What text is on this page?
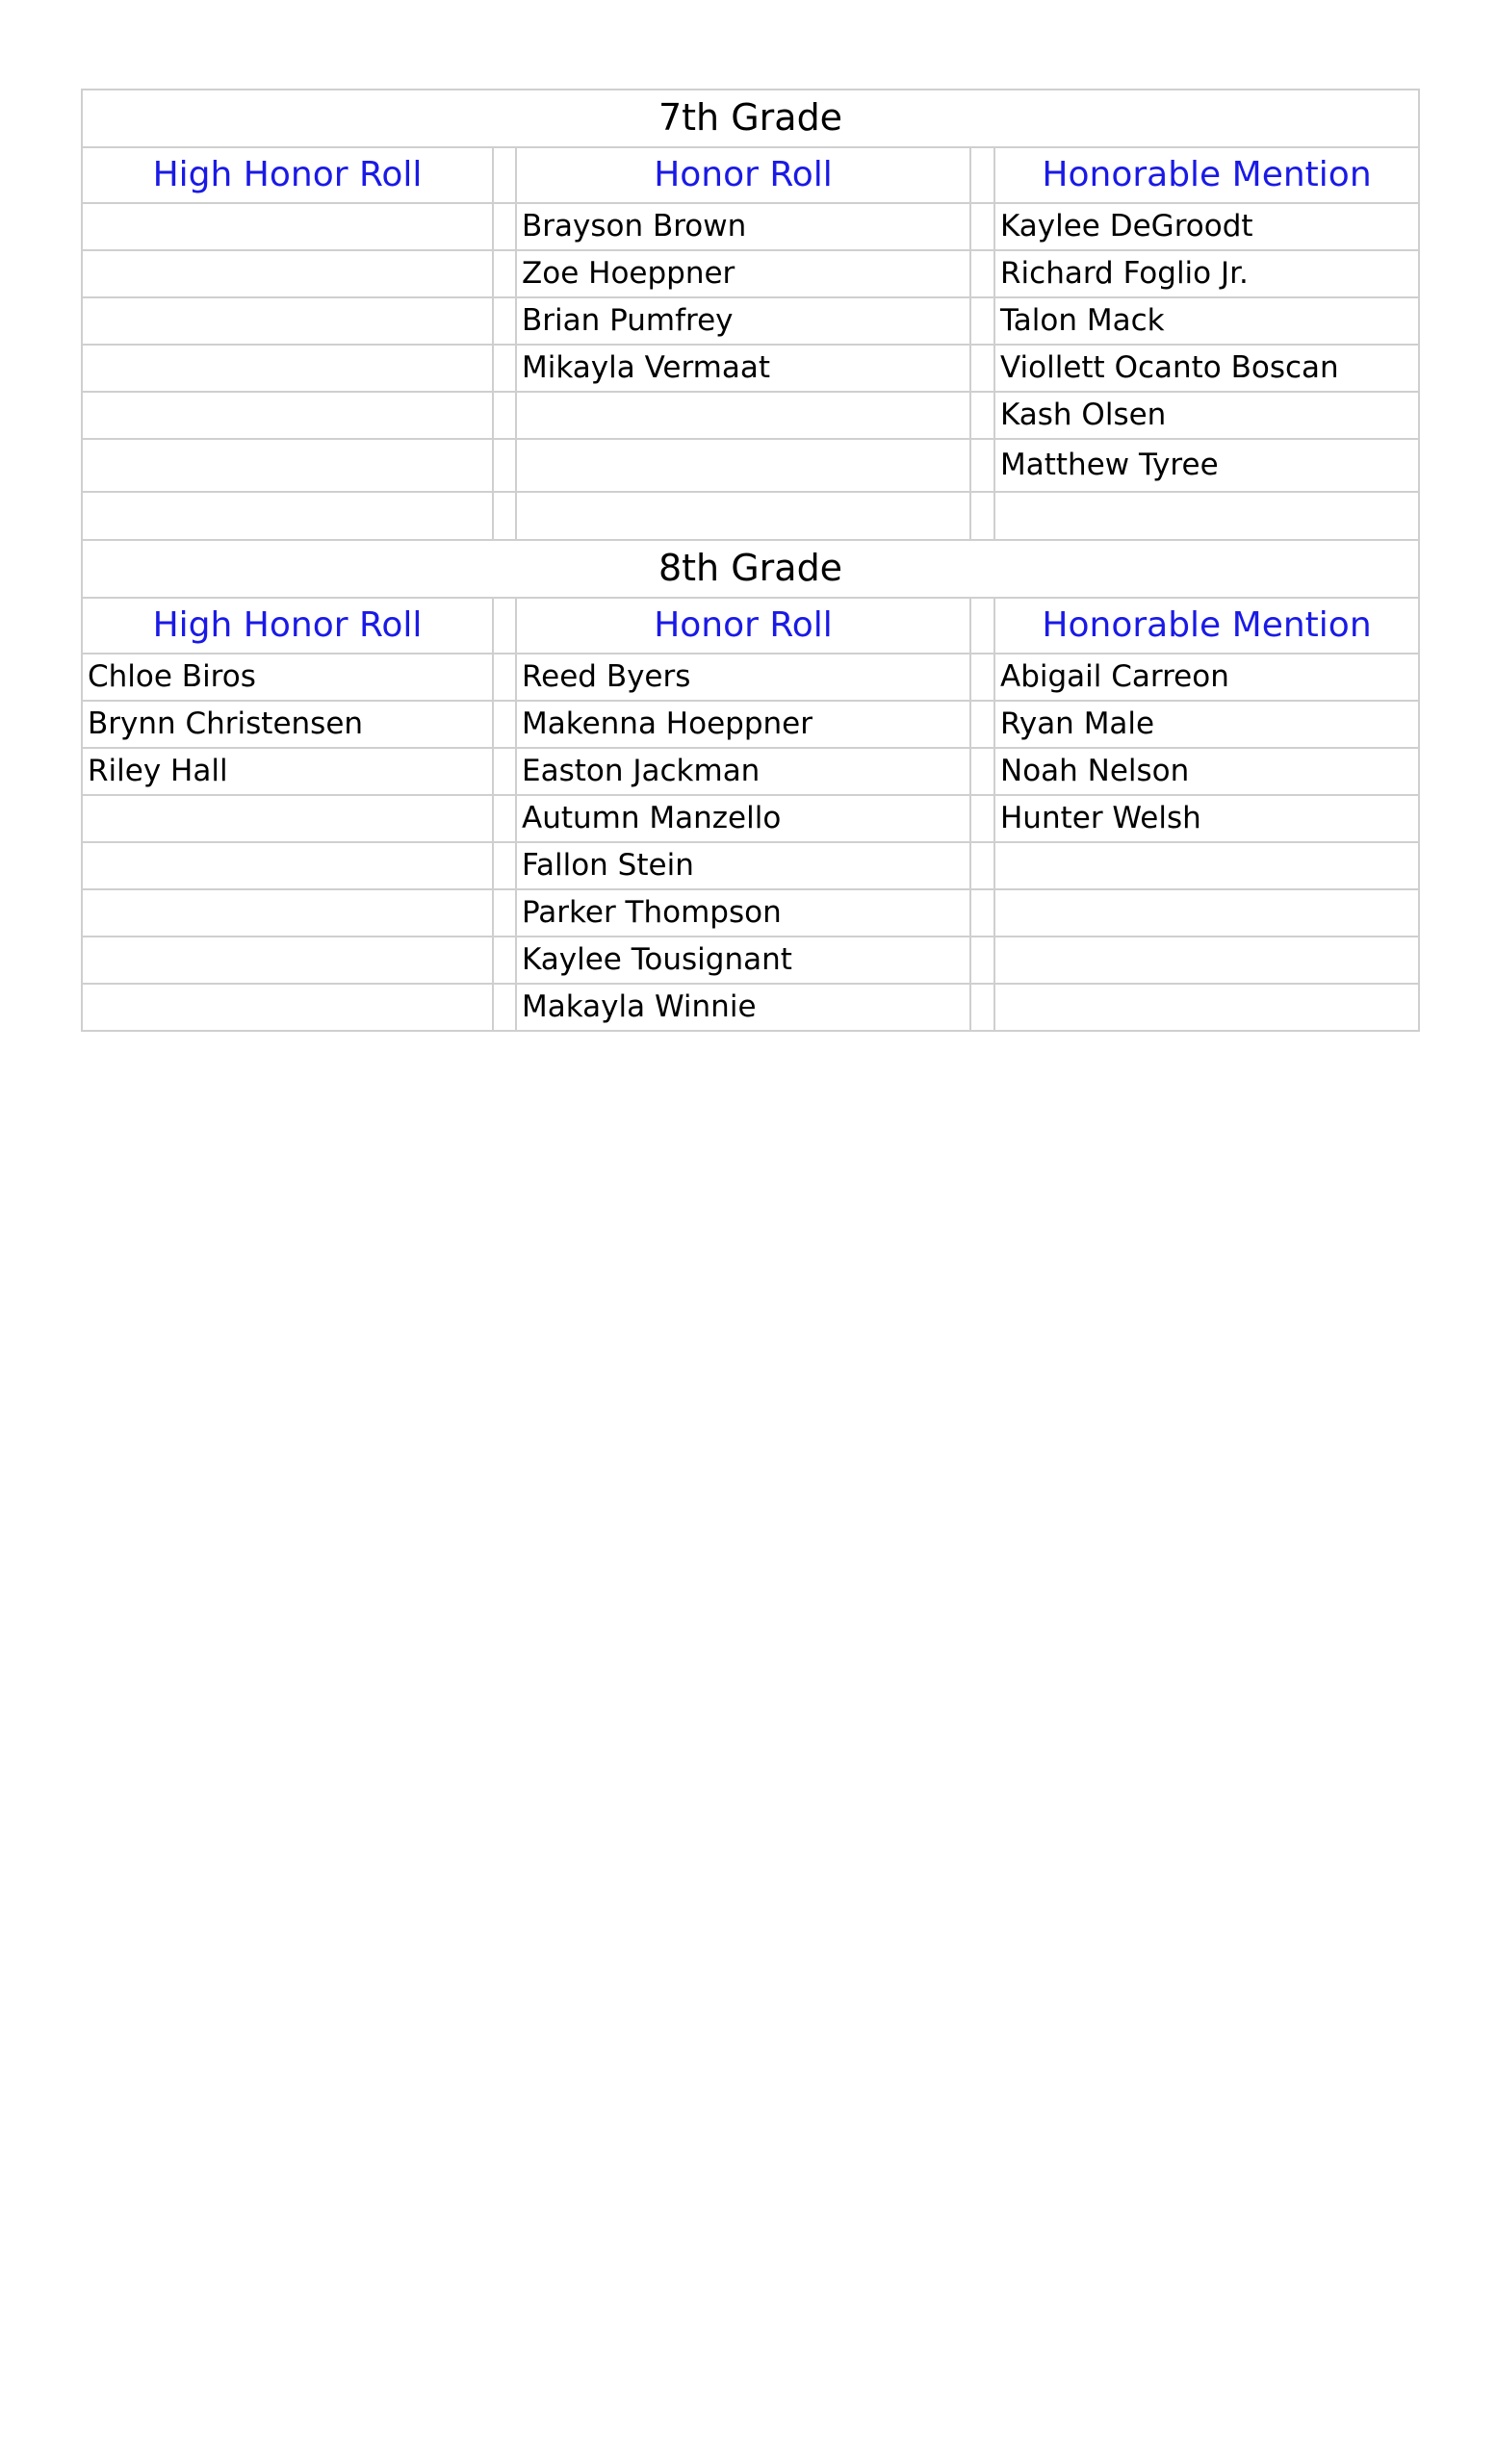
7th Grade				
High Honor Roll		Honor Roll		Honorable Mention
		Brayson Brown		Kaylee DeGroodt
		Zoe Hoeppner		Richard Foglio Jr.
		Brian Pumfrey		Talon Mack
		Mikayla Vermaat		Viollett Ocanto Boscan
				Kash Olsen
				Matthew Tyree

8th Grade				
High Honor Roll		Honor Roll		Honorable Mention
Chloe Biros		Reed Byers		Abigail Carreon
Brynn Christensen		Makenna Hoeppner		Ryan Male
Riley Hall		Easton Jackman		Noah Nelson
		Autumn Manzello		Hunter Welsh
		Fallon Stein		
		Parker Thompson		
		Kaylee Tousignant		
		Makayla Winnie		
